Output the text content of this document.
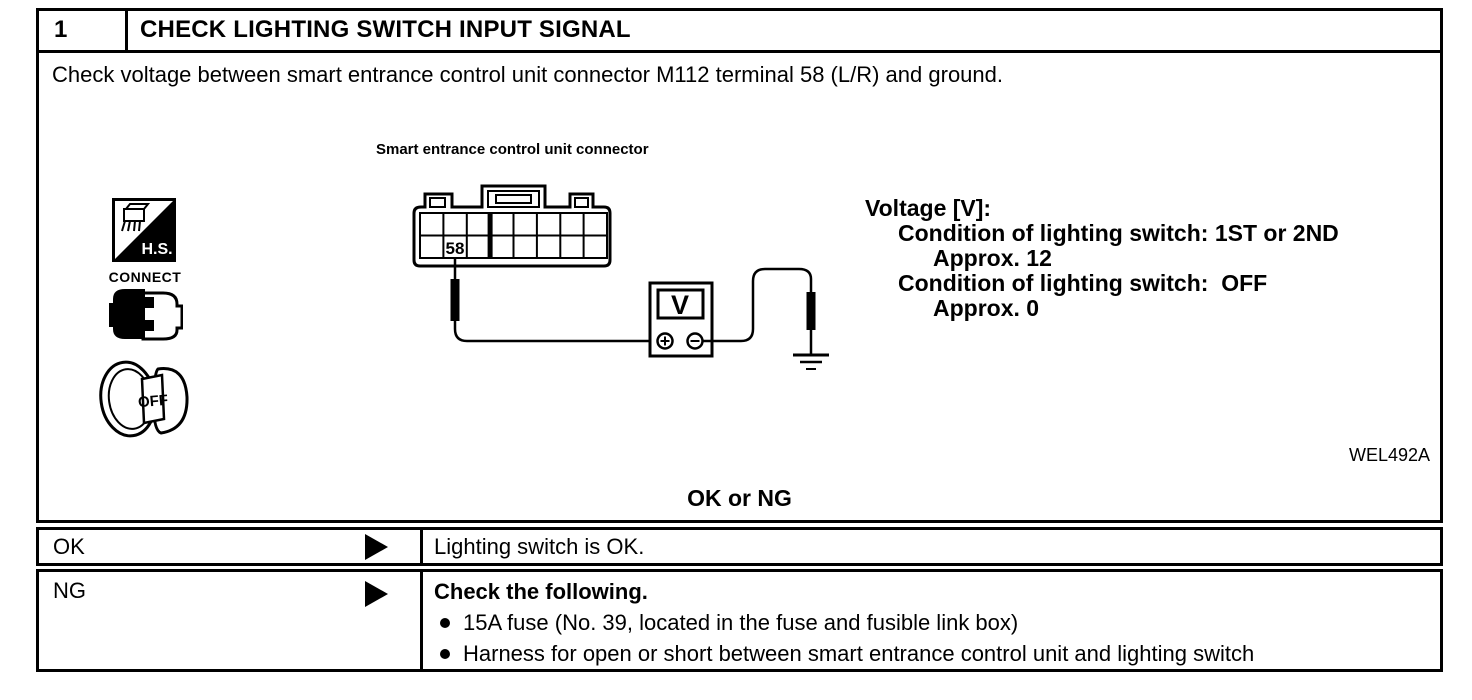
1	CHECK LIGHTING SWITCH INPUT SIGNAL
Check voltage between smart entrance control unit connector M112 terminal 58 (L/R) and ground.
H.S.
CONNECT
OFF
Smart entrance control unit connector
58
V
Voltage [V]:
Condition of lighting switch: 1ST or 2ND
Approx. 12
Condition of lighting switch:  OFF
Approx. 0
WEL492A
OK or NG
OK	Lighting switch is OK.
NG	Check the following.
15A fuse (No. 39, located in the fuse and fusible link box)
Harness for open or short between smart entrance control unit and lighting switch
